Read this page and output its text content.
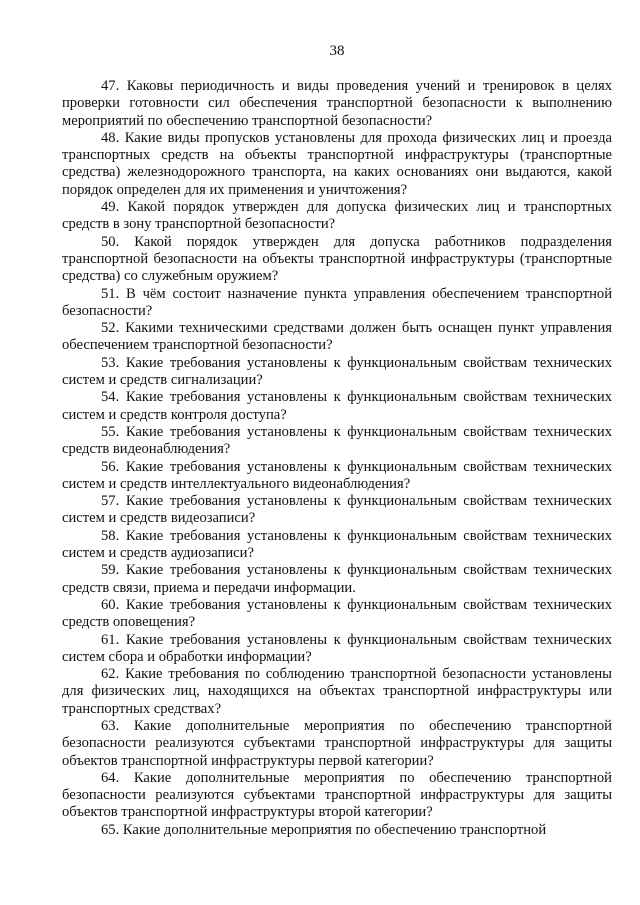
38

47. Каковы периодичность и виды проведения учений и тренировок в целях проверки готовности сил обеспечения транспортной безопасности к выполнению мероприятий по обеспечению транспортной безопасности?

48. Какие виды пропусков установлены для прохода физических лиц и проезда транспортных средств на объекты транспортной инфраструктуры (транспортные средства) железнодорожного транспорта, на каких основаниях они выдаются, какой порядок определен для их применения и уничтожения?

49. Какой порядок утвержден для допуска физических лиц и транспортных средств в зону транспортной безопасности?

50. Какой порядок утвержден для допуска работников подразделения транспортной безопасности на объекты транспортной инфраструктуры (транспортные средства) со служебным оружием?

51. В чём состоит назначение пункта управления обеспечением транспортной безопасности?

52. Какими техническими средствами должен быть оснащен пункт управления обеспечением транспортной безопасности?

53. Какие требования установлены к функциональным свойствам технических систем и средств сигнализации?

54. Какие требования установлены к функциональным свойствам технических систем и средств контроля доступа?

55. Какие требования установлены к функциональным свойствам технических средств видеонаблюдения?

56. Какие требования установлены к функциональным свойствам технических систем и средств интеллектуального видеонаблюдения?

57. Какие требования установлены к функциональным свойствам технических систем и средств видеозаписи?

58. Какие требования установлены к функциональным свойствам технических систем и средств аудиозаписи?

59. Какие требования установлены к функциональным свойствам технических средств связи, приема и передачи информации.

60. Какие требования установлены к функциональным свойствам технических средств оповещения?

61. Какие требования установлены к функциональным свойствам технических систем сбора и обработки информации?

62. Какие требования по соблюдению транспортной безопасности установлены для физических лиц, находящихся на объектах транспортной инфраструктуры или транспортных средствах?

63. Какие дополнительные мероприятия по обеспечению транспортной безопасности реализуются субъектами транспортной инфраструктуры для защиты объектов транспортной инфраструктуры первой категории?

64. Какие дополнительные мероприятия по обеспечению транспортной безопасности реализуются субъектами транспортной инфраструктуры для защиты объектов транспортной инфраструктуры второй категории?

65. Какие дополнительные мероприятия по обеспечению транспортной
